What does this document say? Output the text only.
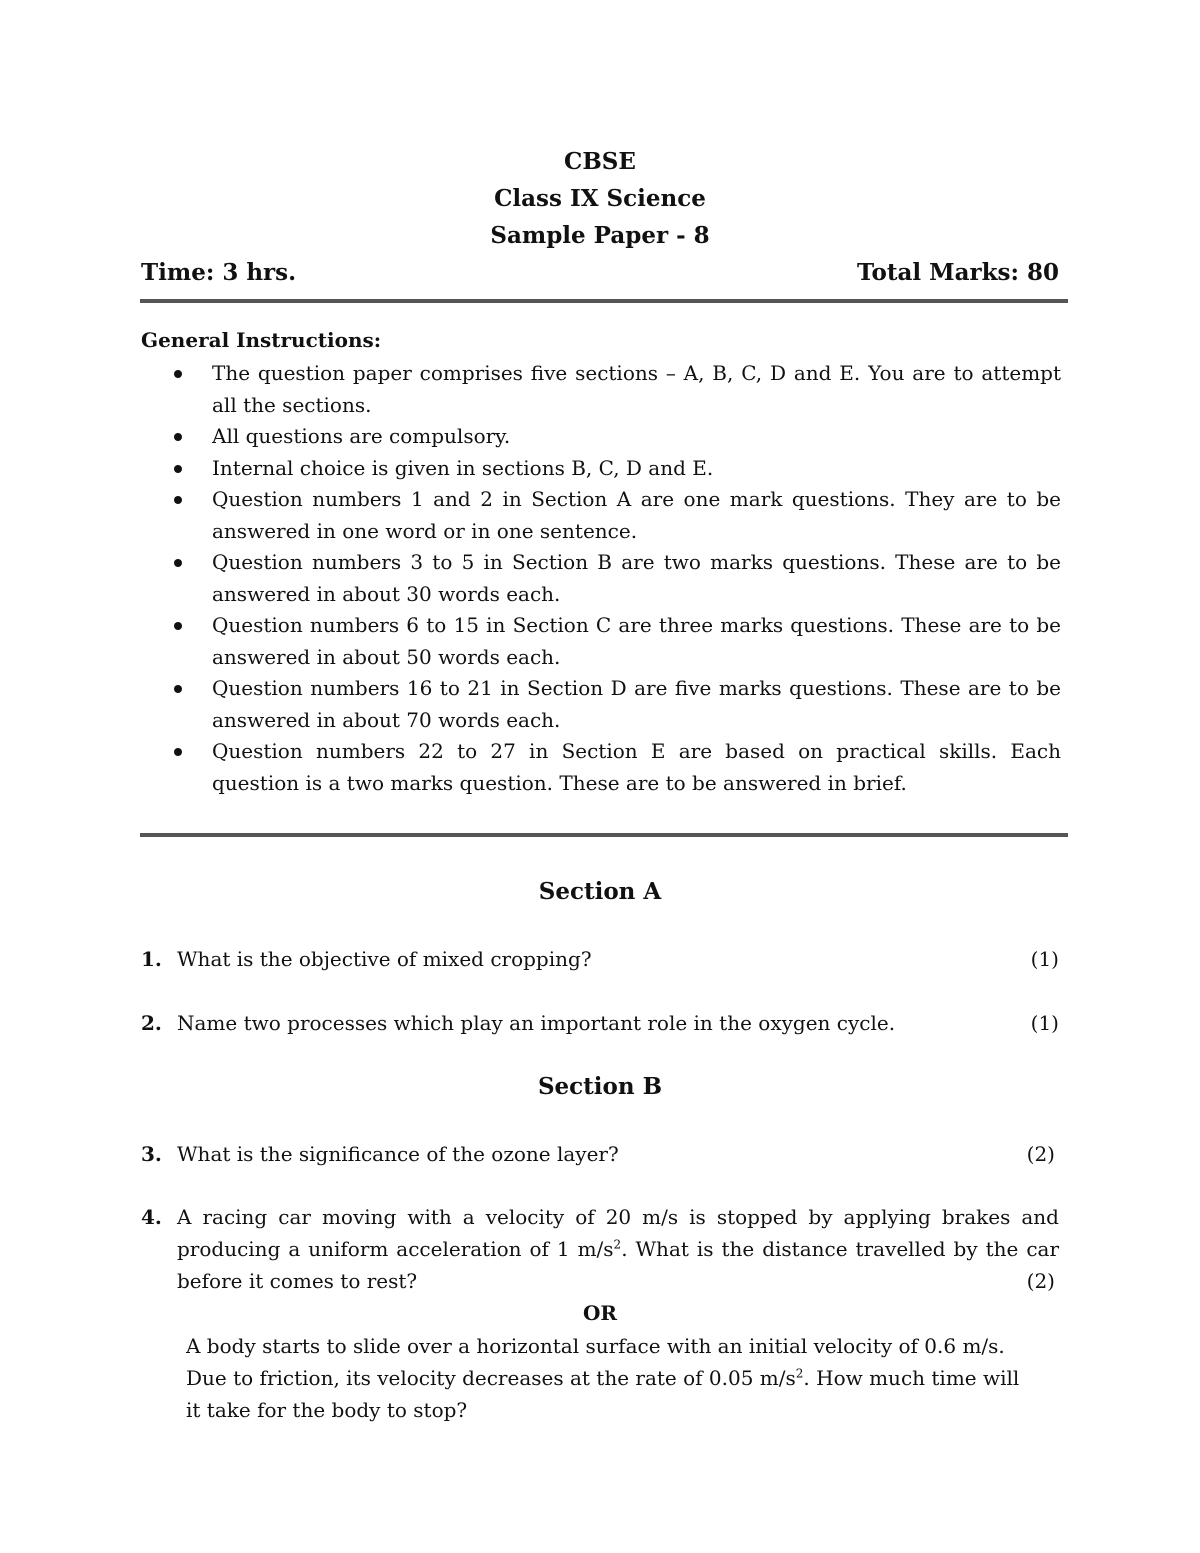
CBSE
Class IX Science
Sample Paper - 8
Time: 3 hrs.	Total Marks: 80
General Instructions:
The question paper comprises five sections – A, B, C, D and E. You are to attempt all the sections.
All questions are compulsory.
Internal choice is given in sections B, C, D and E.
Question numbers 1 and 2 in Section A are one mark questions. They are to be answered in one word or in one sentence.
Question numbers 3 to 5 in Section B are two marks questions. These are to be answered in about 30 words each.
Question numbers 6 to 15 in Section C are three marks questions. These are to be answered in about 50 words each.
Question numbers 16 to 21 in Section D are five marks questions. These are to be answered in about 70 words each.
Question numbers 22 to 27 in Section E are based on practical skills. Each question is a two marks question. These are to be answered in brief.
Section A
1. What is the objective of mixed cropping?	(1)
2. Name two processes which play an important role in the oxygen cycle.	(1)
Section B
3. What is the significance of the ozone layer?	(2)
4. A racing car moving with a velocity of 20 m/s is stopped by applying brakes and producing a uniform acceleration of 1 $m/s^2$. What is the distance travelled by the car before it comes to rest?	(2)
OR
A body starts to slide over a horizontal surface with an initial velocity of 0.6 m/s. Due to friction, its velocity decreases at the rate of 0.05 $m/s^2$. How much time will it take for the body to stop?
